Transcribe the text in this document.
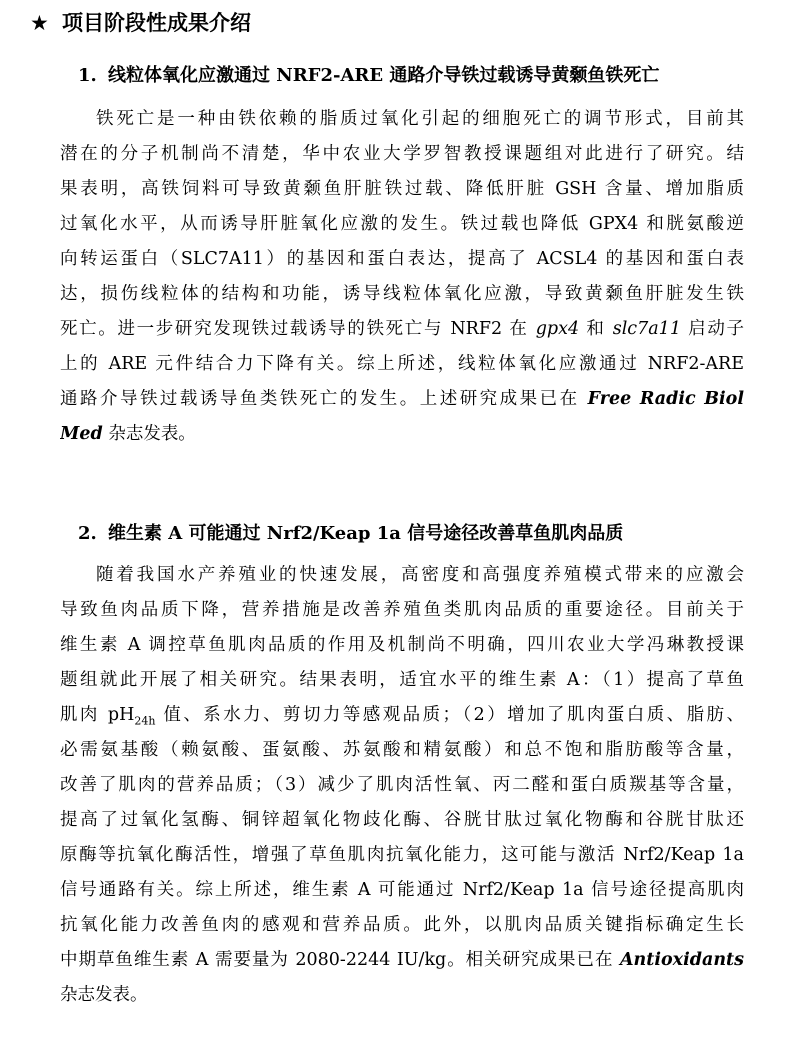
★ 项目阶段性成果介绍
1. 线粒体氧化应激通过 NRF2-ARE 通路介导铁过载诱导黄颡鱼铁死亡
铁死亡是一种由铁依赖的脂质过氧化引起的细胞死亡的调节形式，目前其
潜在的分子机制尚不清楚，华中农业大学罗智教授课题组对此进行了研究。结
果表明，高铁饲料可导致黄颡鱼肝脏铁过载、降低肝脏 GSH 含量、增加脂质
过氧化水平，从而诱导肝脏氧化应激的发生。铁过载也降低 GPX4 和胱氨酸逆
向转运蛋白（SLC7A11）的基因和蛋白表达，提高了 ACSL4 的基因和蛋白表
达，损伤线粒体的结构和功能，诱导线粒体氧化应激，导致黄颡鱼肝脏发生铁
死亡。进一步研究发现铁过载诱导的铁死亡与 NRF2 在 gpx4 和 slc7a11 启动子
上的 ARE 元件结合力下降有关。综上所述，线粒体氧化应激通过 NRF2-ARE
通路介导铁过载诱导鱼类铁死亡的发生。上述研究成果已在 Free Radic Biol
Med 杂志发表。
2. 维生素 A 可能通过 Nrf2/Keap 1a 信号途径改善草鱼肌肉品质
随着我国水产养殖业的快速发展，高密度和高强度养殖模式带来的应激会
导致鱼肉品质下降，营养措施是改善养殖鱼类肌肉品质的重要途径。目前关于
维生素 A 调控草鱼肌肉品质的作用及机制尚不明确，四川农业大学冯琳教授课
题组就此开展了相关研究。结果表明，适宜水平的维生素 A：（1）提高了草鱼
肌肉 $pH_{24h}$ 值、系水力、剪切力等感观品质；（2）增加了肌肉蛋白质、脂肪、
必需氨基酸（赖氨酸、蛋氨酸、苏氨酸和精氨酸）和总不饱和脂肪酸等含量，
改善了肌肉的营养品质；（3）减少了肌肉活性氧、丙二醛和蛋白质羰基等含量，
提高了过氧化氢酶、铜锌超氧化物歧化酶、谷胱甘肽过氧化物酶和谷胱甘肽还
原酶等抗氧化酶活性，增强了草鱼肌肉抗氧化能力，这可能与激活 Nrf2/Keap 1a
信号通路有关。综上所述，维生素 A 可能通过 Nrf2/Keap 1a 信号途径提高肌肉
抗氧化能力改善鱼肉的感观和营养品质。此外，以肌肉品质关键指标确定生长
中期草鱼维生素 A 需要量为 2080-2244 IU/kg。相关研究成果已在 Antioxidants
杂志发表。
